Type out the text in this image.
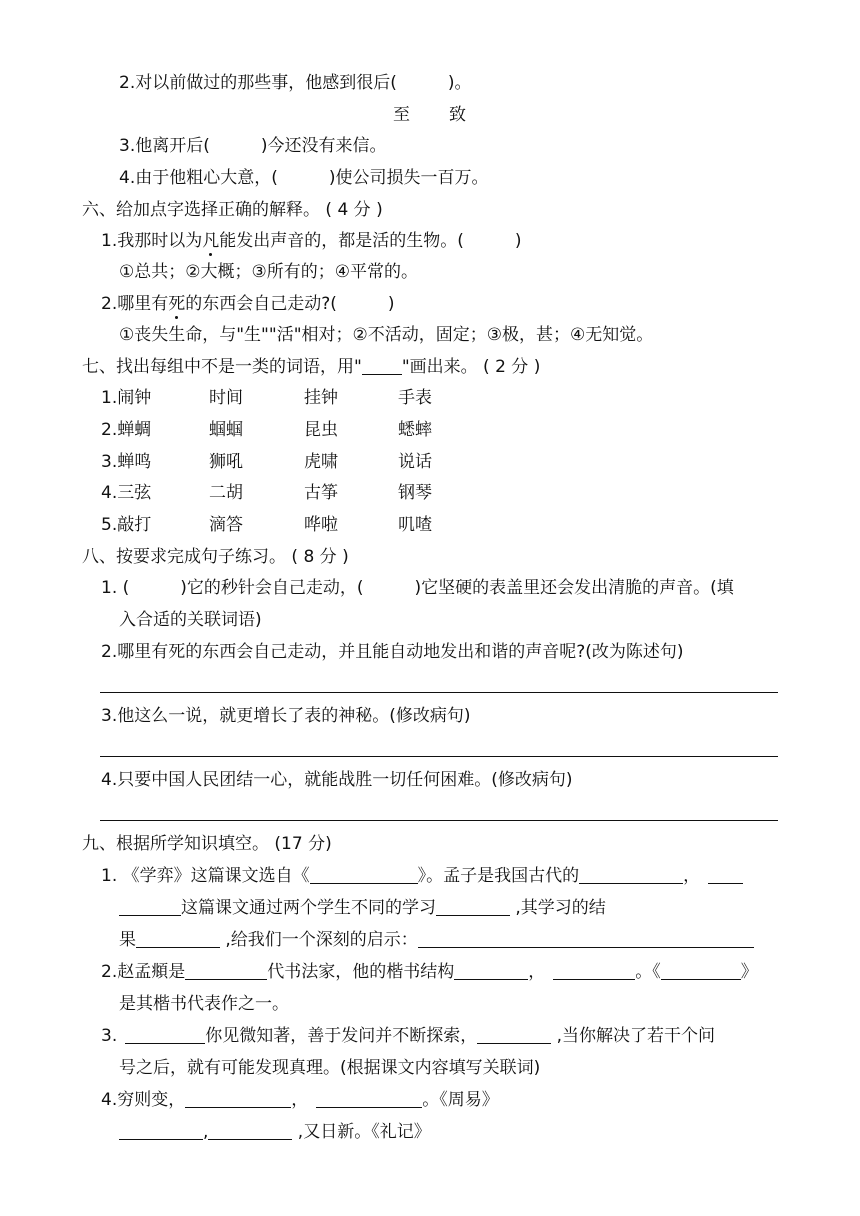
2.对以前做过的那些事，他感到很后(　　　)。
至 致
3.他离开后(　　　)今还没有来信。
4.由于他粗心大意，(　　　)使公司损失一百万。
六、给加点字选择正确的解释。 ( 4 分 )
1.我那时以为凡能发出声音的，都是活的生物。(　　　)
①总共；②大概；③所有的；④平常的。
2.哪里有死的东西会自己走动?(　　　)
①丧失生命，与"生""活"相对；②不活动，固定；③极，甚；④无知觉。
七、找出每组中不是一类的词语，用" "画出来。 ( 2 分 )
1.闹钟	时间	挂钟	手表
2.蝉蜩	蝈蝈	昆虫	蟋蟀
3.蝉鸣	狮吼	虎啸	说话
4.三弦	二胡	古筝	钢琴
5.敲打	滴答	哗啦	叽喳
八、按要求完成句子练习。 ( 8 分 )
1. (　　　)它的秒针会自己走动，(　　　)它坚硬的表盖里还会发出清脆的声音。(填
入合适的关联词语)
2.哪里有死的东西会自己走动，并且能自动地发出和谐的声音呢?(改为陈述句)
3.他这么一说，就更增长了表的神秘。(修改病句)
4.只要中国人民团结一心，就能战胜一切任何困难。(修改病句)
九、根据所学知识填空。 (17 分)
1. 《学弈》这篇课文选自《	》。孟子是我国古代的	，
这篇课文通过两个学生不同的学习	,其学习的结
果	,给我们一个深刻的启示：
2.赵孟頫是	代书法家，他的楷书结构	，	。《	》
是其楷书代表作之一。
3.	你见微知著，善于发问并不断探索，	,当你解决了若干个问
号之后，就有可能发现真理。(根据课文内容填写关联词)
4.穷则变，	，	。《周易》
,	,又日新。《礼记》
